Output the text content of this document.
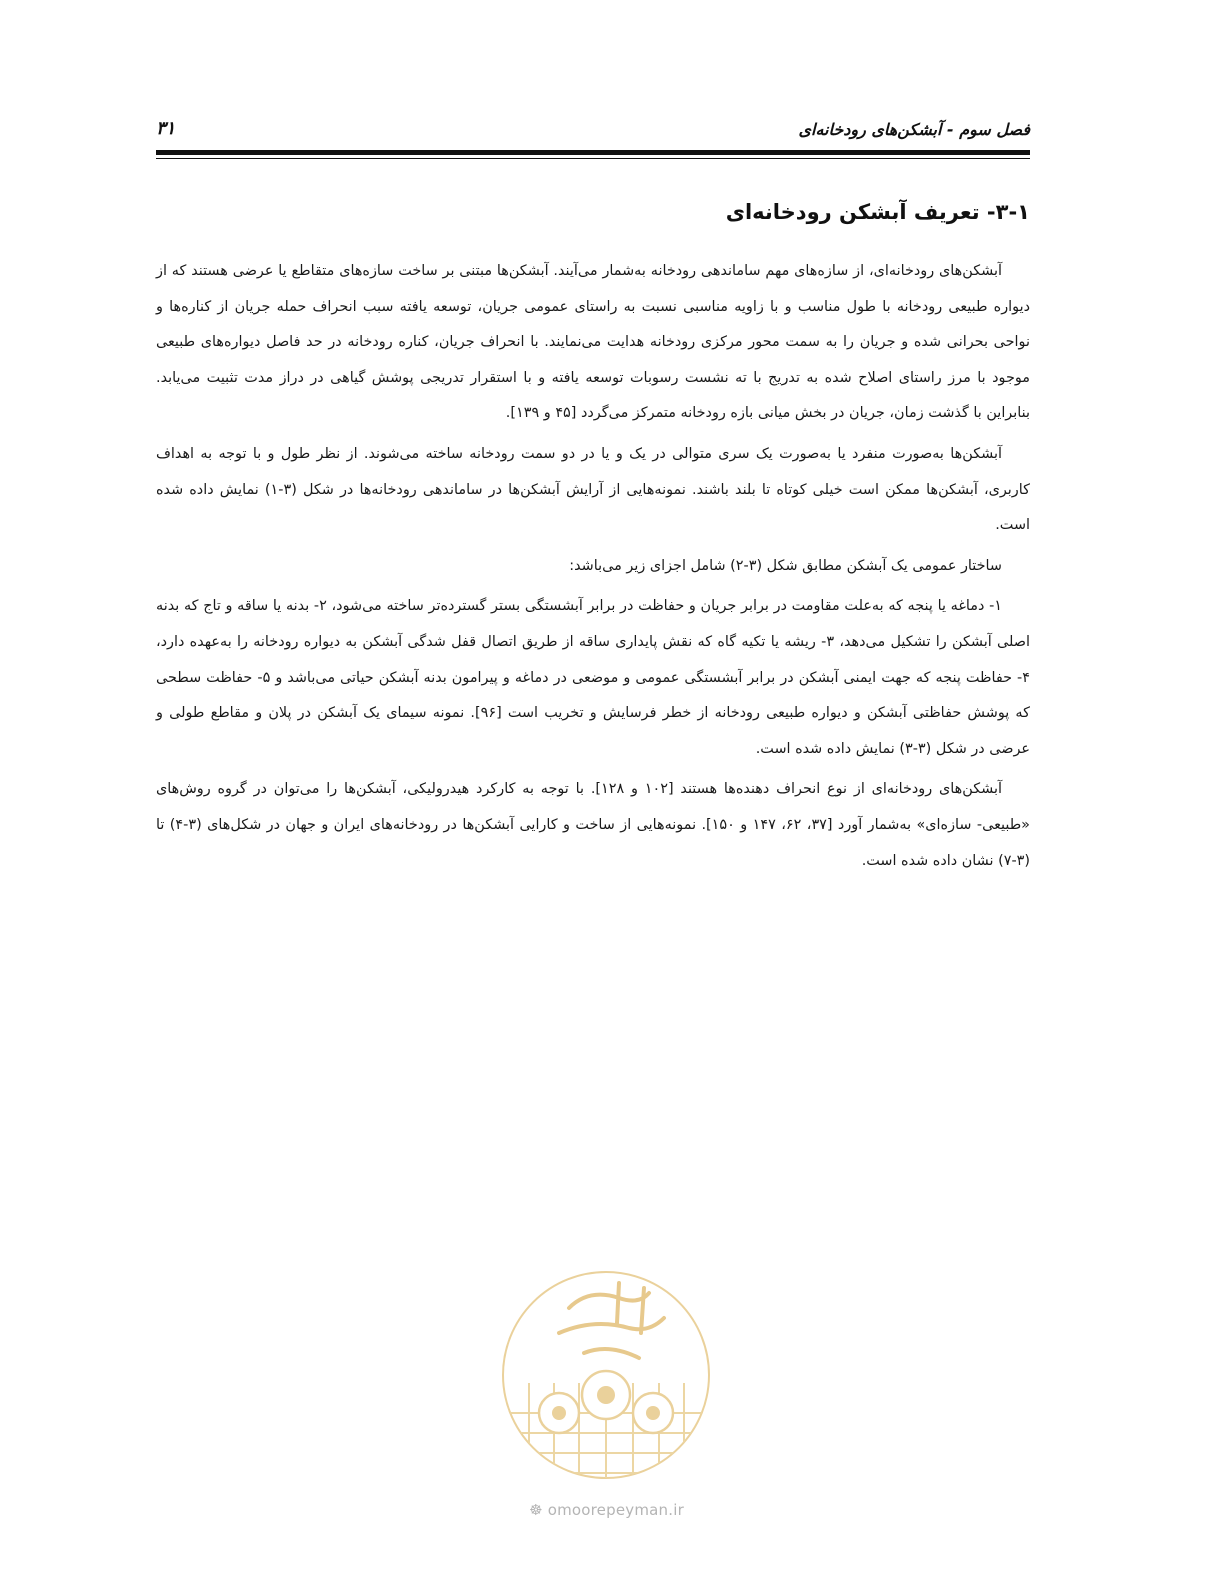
فصل سوم - آبشکن‌های رودخانه‌ای
۳۱
۳-۱- تعریف آبشکن رودخانه‌ای

آبشکن‌های رودخانه‌ای، از سازه‌های مهم ساماندهی رودخانه به‌شمار می‌آیند. آبشکن‌ها مبتنی بر ساخت سازه‌های متقاطع یا عرضی هستند که از دیواره طبیعی رودخانه با طول مناسب و با زاویه مناسبی نسبت به راستای عمومی جریان، توسعه یافته سبب انحراف حمله جریان از کناره‌ها و نواحی بحرانی شده و جریان را به سمت محور مرکزی رودخانه هدایت می‌نمایند. با انحراف جریان، کناره رودخانه در حد فاصل دیواره‌های طبیعی موجود با مرز راستای اصلاح شده به تدریج با ته نشست رسوبات توسعه یافته و با استقرار تدریجی پوشش گیاهی در دراز مدت تثبیت می‌یابد. بنابراین با گذشت زمان، جریان در بخش میانی بازه رودخانه متمرکز می‌گردد [۴۵ و ۱۳۹].

آبشکن‌ها به‌صورت منفرد یا به‌صورت یک سری متوالی در یک و یا در دو سمت رودخانه ساخته می‌شوند. از نظر طول و با توجه به اهداف کاربری، آبشکن‌ها ممکن است خیلی کوتاه تا بلند باشند. نمونه‌هایی از آرایش آبشکن‌ها در ساماندهی رودخانه‌ها در شکل (۳-۱) نمایش داده شده است.

ساختار عمومی یک آبشکن مطابق شکل (۳-۲) شامل اجزای زیر می‌باشد:

۱- دماغه یا پنجه که به‌علت مقاومت در برابر جریان و حفاظت در برابر آبشستگی بستر گسترده‌تر ساخته می‌شود، ۲- بدنه یا ساقه و تاج که بدنه اصلی آبشکن را تشکیل می‌دهد، ۳- ریشه یا تکیه گاه که نقش پایداری ساقه از طریق اتصال قفل شدگی آبشکن به دیواره رودخانه را به‌عهده دارد، ۴- حفاظت پنجه که جهت ایمنی آبشکن در برابر آبشستگی عمومی و موضعی در دماغه و پیرامون بدنه آبشکن حیاتی می‌باشد و ۵- حفاظت سطحی که پوشش حفاظتی آبشکن و دیواره طبیعی رودخانه از خطر فرسایش و تخریب است [۹۶]. نمونه سیمای یک آبشکن در پلان و مقاطع طولی و عرضی در شکل (۳-۳) نمایش داده شده است.

آبشکن‌های رودخانه‌ای از نوع انحراف دهنده‌ها هستند [۱۰۲ و ۱۲۸]. با توجه به کارکرد هیدرولیکی، آبشکن‌ها را می‌توان در گروه روش‌های «طبیعی- سازه‌ای» به‌شمار آورد [۳۷، ۶۲، ۱۴۷ و ۱۵۰]. نمونه‌هایی از ساخت و کارایی آبشکن‌ها در رودخانه‌های ایران و جهان در شکل‌های (۳-۴) تا (۳-۷) نشان داده شده است.

☸ omoorepeyman.ir
